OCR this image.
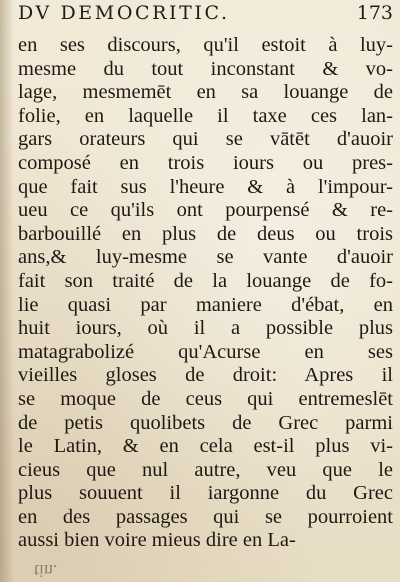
DV DEMOCRITIC.	173
en ses discours, qu'il estoit à luy-
mesme du tout inconstant & vo-
lage, mesmemēt en sa louange de
folie, en laquelle il taxe ces lan-
gars orateurs qui se vātēt d'auoir
composé en trois iours ou pres-
que fait sus l'heure & à l'impour-
ueu ce qu'ils ont pourpensé & re-
barbouillé en plus de deus ou trois
ans,& luy-mesme se vante d'auoir
fait son traité de la louange de fo-
lie quasi par maniere d'ébat, en
huit iours, où il a possible plus
matagrabolizé qu'Acurse en ses
vieilles gloses de droit: Apres il
se moque de ceus qui entremeslēt
de petis quolibets de Grec parmi
le Latin, & en cela est-il plus vi-
cieus que nul autre, veu que le
plus souuent il iargonne du Grec
en des passages qui se pourroient
aussi bien voire mieus dire en La-
tin.
